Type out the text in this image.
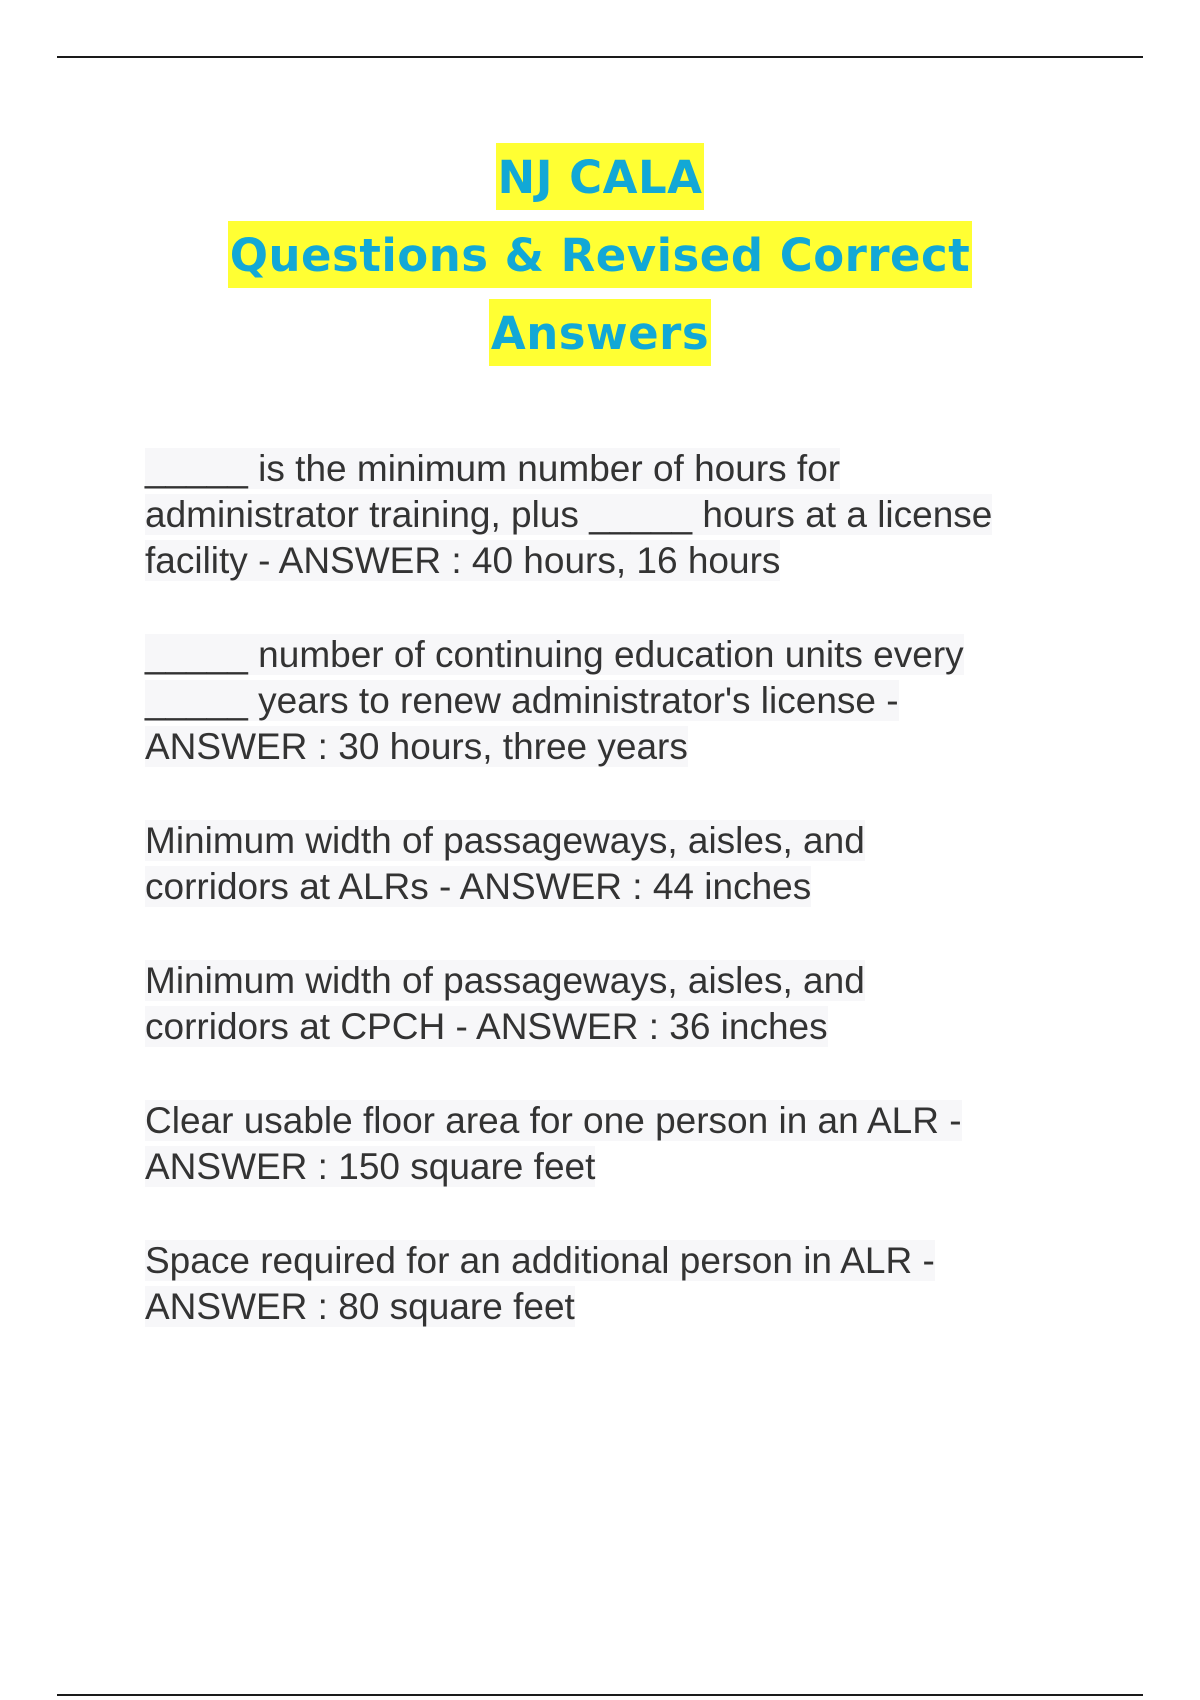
NJ CALA
Questions & Revised Correct
Answers
_____ is the minimum number of hours for
administrator training, plus _____ hours at a license
facility - ANSWER : 40 hours, 16 hours
_____ number of continuing education units every
_____ years to renew administrator's license -
ANSWER : 30 hours, three years
Minimum width of passageways, aisles, and
corridors at ALRs - ANSWER : 44 inches
Minimum width of passageways, aisles, and
corridors at CPCH - ANSWER : 36 inches
Clear usable floor area for one person in an ALR -
ANSWER : 150 square feet
Space required for an additional person in ALR -
ANSWER : 80 square feet
